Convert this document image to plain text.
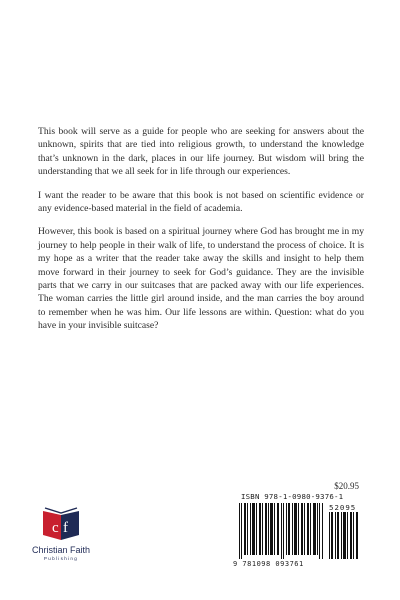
This book will serve as a guide for people who are seeking for answers about the unknown, spirits that are tied into religious growth, to understand the knowledge that’s unknown in the dark, places in our life journey. But wisdom will bring the understanding that we all seek for in life through our experiences.

I want the reader to be aware that this book is not based on scientific evidence or any evidence-based material in the field of academia.

However, this book is based on a spiritual journey where God has brought me in my journey to help people in their walk of life, to understand the process of choice. It is my hope as a writer that the reader take away the skills and insight to help them move forward in their journey to seek for God’s guidance. They are the invisible parts that we carry in our suitcases that are packed away with our life experiences. The woman carries the little girl around inside, and the man carries the boy around to remember when he was him. Our life lessons are within. Question: what do you have in your invisible suitcase?

$20.95
ISBN 978-1-0980-9376-1
52095
9 781098 093761
c f
Christian Faith
Publishing
